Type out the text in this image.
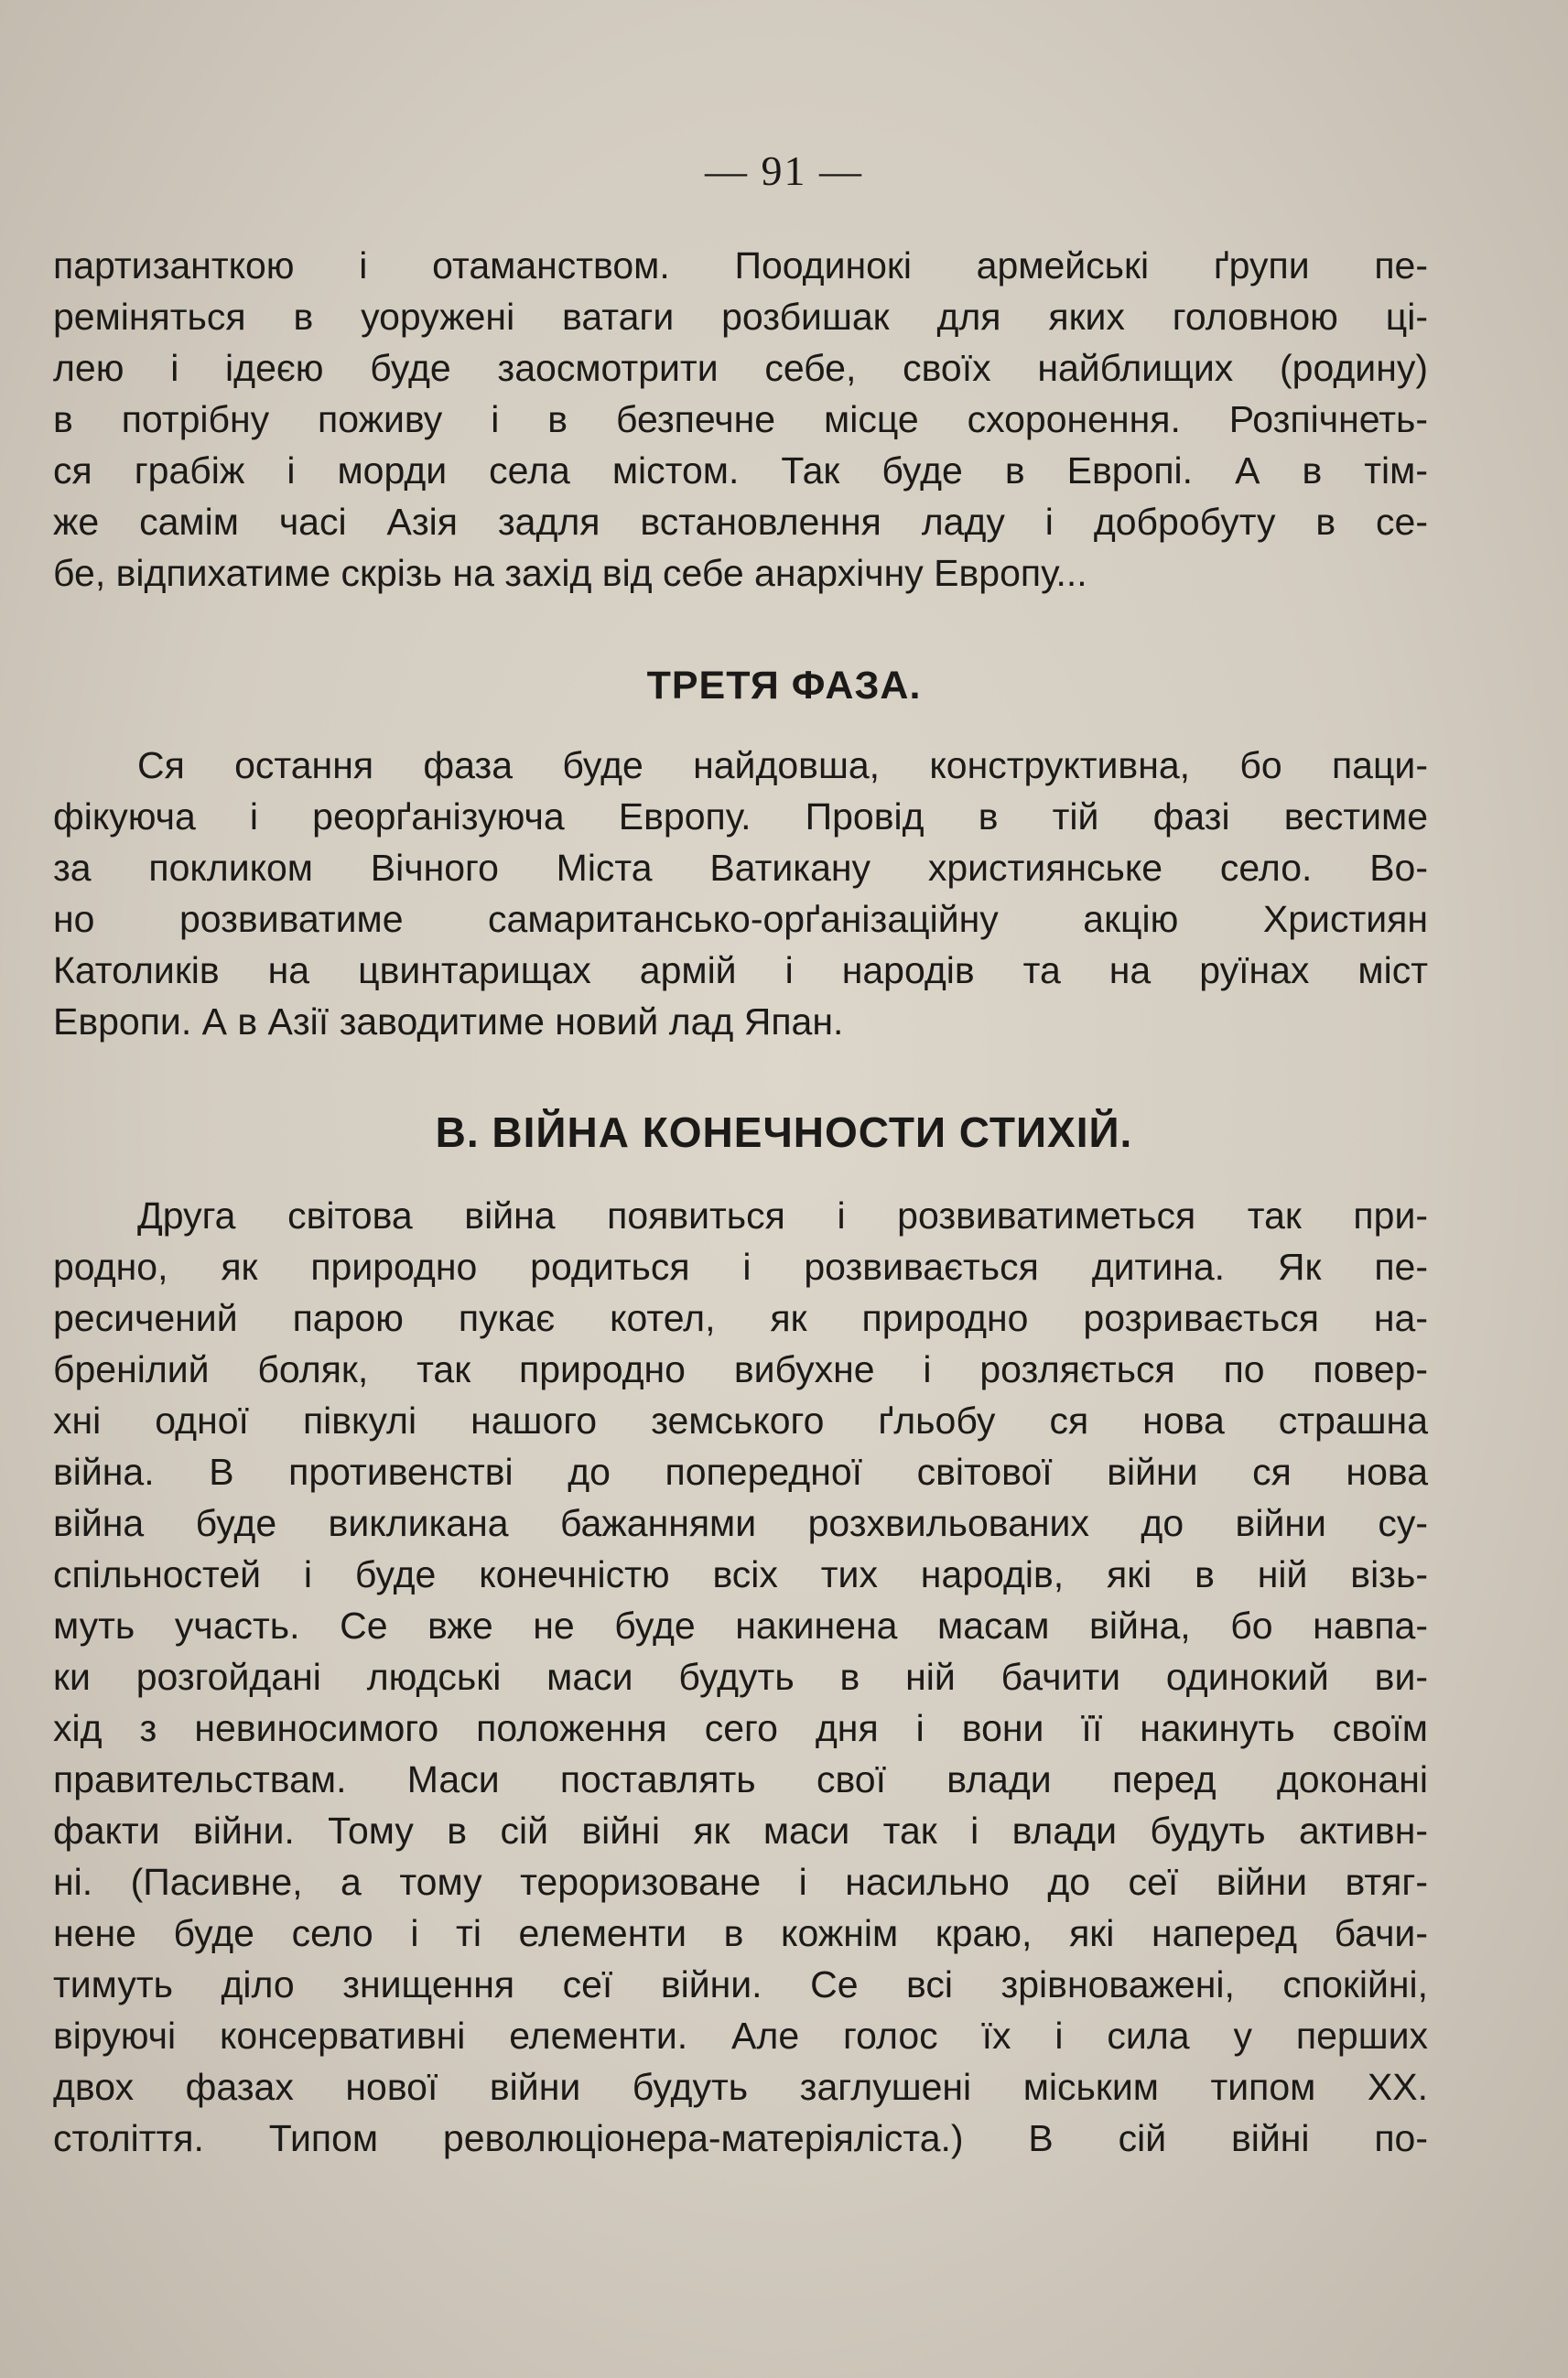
— 91 —
партизанткою і отаманством. Поодинокі армейські ґрупи пе-
реміняться в уоружені ватаги розбишак для яких головною ці-
лею і ідеєю буде заосмотрити себе, своїх найблищих (родину)
в потрібну поживу і в безпечне місце схоронення. Розпічнеть-
ся грабіж і морди села містом. Так буде в Европі. А в тім-
же самім часі Азія задля встановлення ладу і добробуту в се-
бе, відпихатиме скрізь на захід від себе анархічну Европу...
ТРЕТЯ ФАЗА.
Ся остання фаза буде найдовша, конструктивна, бо паци-
фікуюча і реорґанізуюча Европу. Провід в тій фазі вестиме
за покликом Вічного Міста Ватикану християнське село. Во-
но розвиватиме самаритансько-орґанізаційну акцію Християн
Католиків на цвинтарищах армій і народів та на руїнах міст
Европи. А в Азії заводитиме новий лад Япан.
В. ВІЙНА КОНЕЧНОСТИ СТИХІЙ.
Друга світова війна появиться і розвиватиметься так при-
родно, як природно родиться і розвивається дитина. Як пе-
ресичений парою пукає котел, як природно розривається на-
бренілий боляк, так природно вибухне і розляється по повер-
хні одної півкулі нашого земського ґльобу ся нова страшна
війна. В противенстві до попередної світової війни ся нова
війна буде викликана бажаннями розхвильованих до війни су-
спільностей і буде конечністю всіх тих народів, які в ній візь-
муть участь. Се вже не буде накинена масам війна, бо навпа-
ки розгойдані людські маси будуть в ній бачити одинокий ви-
хід з невиносимого положення сего дня і вони її накинуть своїм
правительствам. Маси поставлять свої влади перед доконані
факти війни. Тому в сій війні як маси так і влади будуть активн-
ні. (Пасивне, а тому тероризоване і насильно до сеї війни втяг-
нене буде село і ті елементи в кожнім краю, які наперед бачи-
тимуть діло знищення сеї війни. Се всі зрівноважені, спокійні,
віруючі консервативні елементи. Але голос їх і сила у перших
двох фазах нової війни будуть заглушені міським типом XX.
століття. Типом революціонера-матеріяліста.) В сій війні по-
